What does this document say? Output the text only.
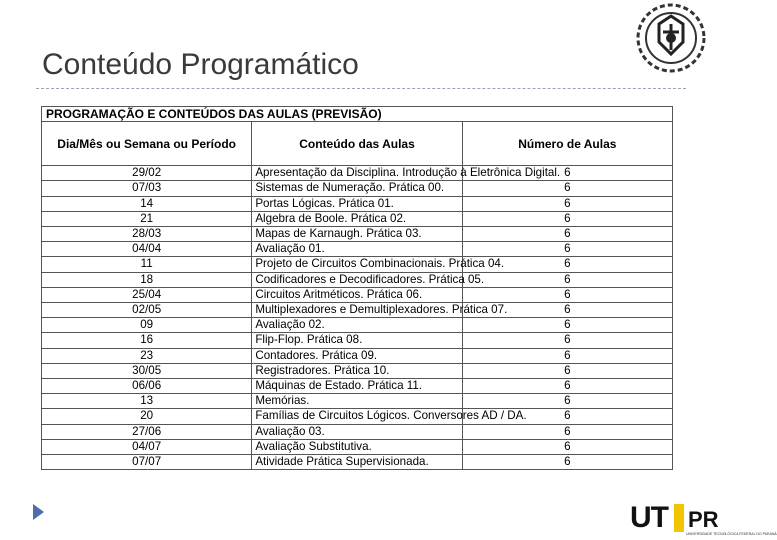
Conteúdo Programático
PROGRAMAÇÃO E CONTEÚDOS DAS AULAS (PREVISÃO)		
Dia/Mês ou Semana ou Período	Conteúdo das Aulas	Número de Aulas
29/02	Apresentação da Disciplina. Introdução à Eletrônica Digital.	6
07/03	Sistemas de Numeração. Prática 00.	6
14	Portas Lógicas. Prática 01.	6
21	Algebra de Boole. Prática 02.	6
28/03	Mapas de Karnaugh. Prática 03.	6
04/04	Avaliação 01.	6
11	Projeto de Circuitos Combinacionais. Prática 04.	6
18	Codificadores e Decodificadores. Prática 05.	6
25/04	Circuitos Aritméticos. Prática 06.	6
02/05	Multiplexadores e Demultiplexadores. Prática 07.	6
09	Avaliação 02.	6
16	Flip-Flop. Prática 08.	6
23	Contadores. Prática 09.	6
30/05	Registradores. Prática 10.	6
06/06	Máquinas de Estado. Prática 11.	6
13	Memórias.	6
20	Famílias de Circuitos Lógicos. Conversores AD / DA.	6
27/06	Avaliação 03.	6
04/07	Avaliação Substitutiva.	6
07/07	Atividade Prática Supervisionada.	6
UT PR
UNIVERSIDADE TECNOLÓGICA FEDERAL DO PARANÁ
